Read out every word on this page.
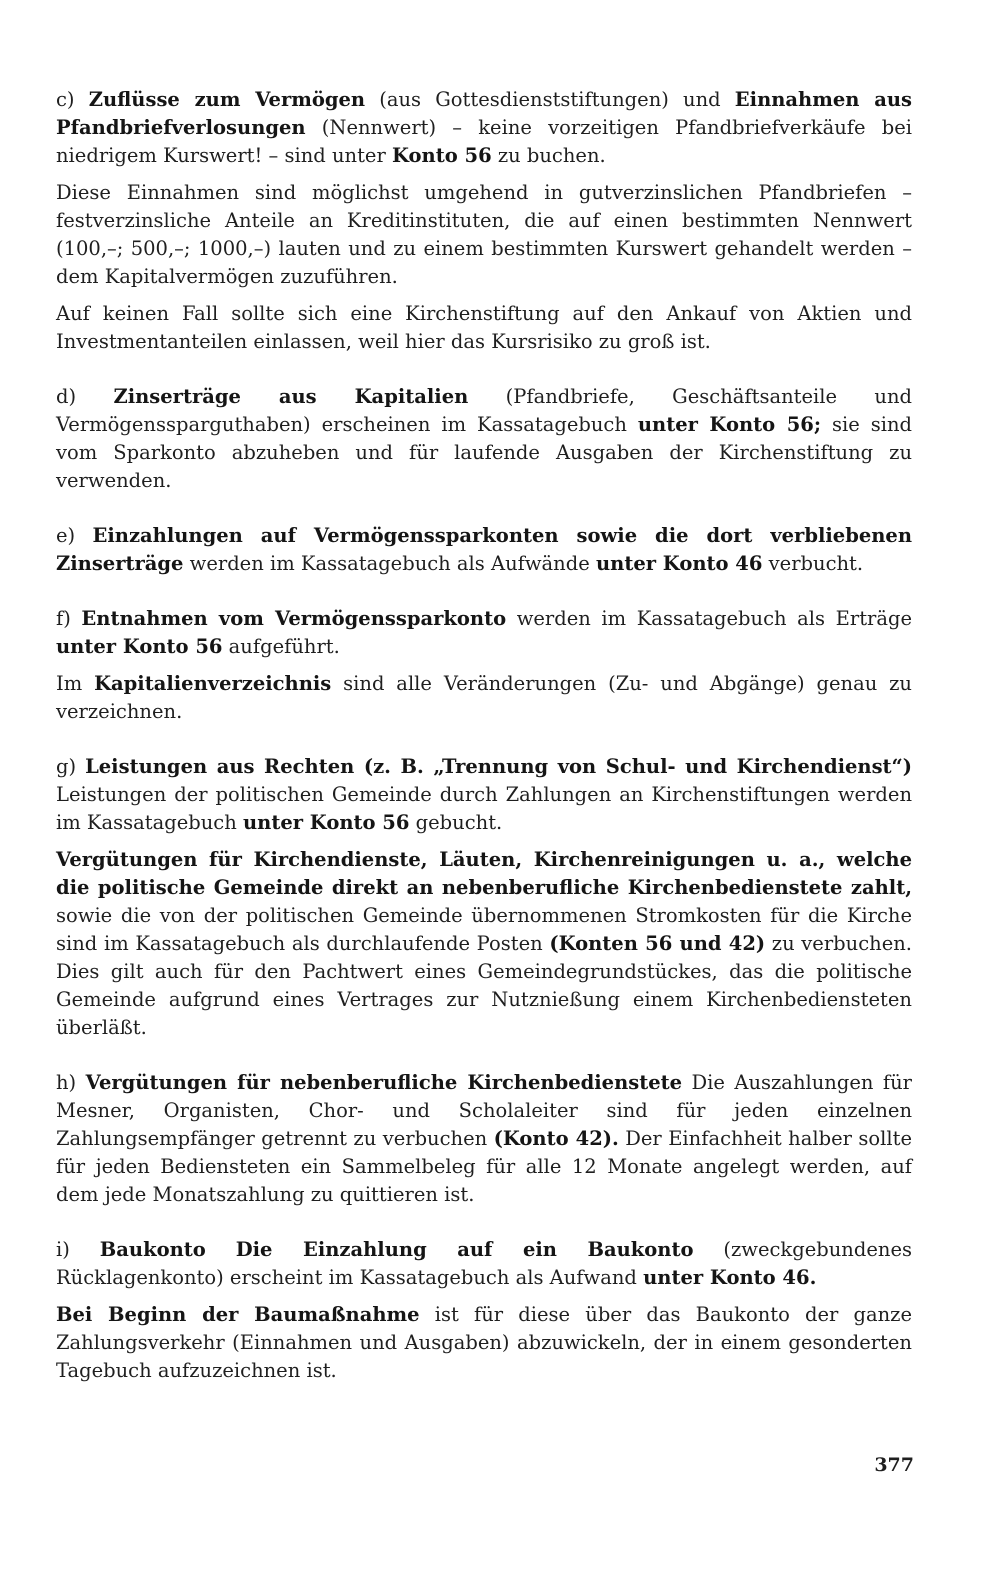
c) Zuflüsse zum Vermögen (aus Gottesdienststiftungen) und Einnahmen aus Pfandbriefverlosungen (Nennwert) – keine vorzeitigen Pfandbriefverkäufe bei niedrigem Kurswert! – sind unter Konto 56 zu buchen.

Diese Einnahmen sind möglichst umgehend in gutverzinslichen Pfandbriefen – festverzinsliche Anteile an Kreditinstituten, die auf einen bestimmten Nennwert (100,–; 500,–; 1000,–) lauten und zu einem bestimmten Kurswert gehandelt werden – dem Kapitalvermögen zuzuführen.

Auf keinen Fall sollte sich eine Kirchenstiftung auf den Ankauf von Aktien und Investmentanteilen einlassen, weil hier das Kursrisiko zu groß ist.

d) Zinserträge aus Kapitalien (Pfandbriefe, Geschäftsanteile und Vermögenssparguthaben) erscheinen im Kassatagebuch unter Konto 56; sie sind vom Sparkonto abzuheben und für laufende Ausgaben der Kirchenstiftung zu verwenden.

e) Einzahlungen auf Vermögenssparkonten sowie die dort verbliebenen Zinserträge werden im Kassatagebuch als Aufwände unter Konto 46 verbucht.

f) Entnahmen vom Vermögenssparkonto werden im Kassatagebuch als Erträge unter Konto 56 aufgeführt.

Im Kapitalienverzeichnis sind alle Veränderungen (Zu- und Abgänge) genau zu verzeichnen.

g) Leistungen aus Rechten (z. B. „Trennung von Schul- und Kirchendienst“) Leistungen der politischen Gemeinde durch Zahlungen an Kirchenstiftungen werden im Kassatagebuch unter Konto 56 gebucht.

Vergütungen für Kirchendienste, Läuten, Kirchenreinigungen u. a., welche die politische Gemeinde direkt an nebenberufliche Kirchenbedienstete zahlt, sowie die von der politischen Gemeinde übernommenen Stromkosten für die Kirche sind im Kassatagebuch als durchlaufende Posten (Konten 56 und 42) zu verbuchen. Dies gilt auch für den Pachtwert eines Gemeindegrundstückes, das die politische Gemeinde aufgrund eines Vertrages zur Nutznießung einem Kirchenbediensteten überläßt.

h) Vergütungen für nebenberufliche Kirchenbedienstete Die Auszahlungen für Mesner, Organisten, Chor- und Scholaleiter sind für jeden einzelnen Zahlungsempfänger getrennt zu verbuchen (Konto 42). Der Einfachheit halber sollte für jeden Bediensteten ein Sammelbeleg für alle 12 Monate angelegt werden, auf dem jede Monatszahlung zu quittieren ist.

i) Baukonto Die Einzahlung auf ein Baukonto (zweckgebundenes Rücklagenkonto) erscheint im Kassatagebuch als Aufwand unter Konto 46.

Bei Beginn der Baumaßnahme ist für diese über das Baukonto der ganze Zahlungsverkehr (Einnahmen und Ausgaben) abzuwickeln, der in einem gesonderten Tagebuch aufzuzeichnen ist.

377
